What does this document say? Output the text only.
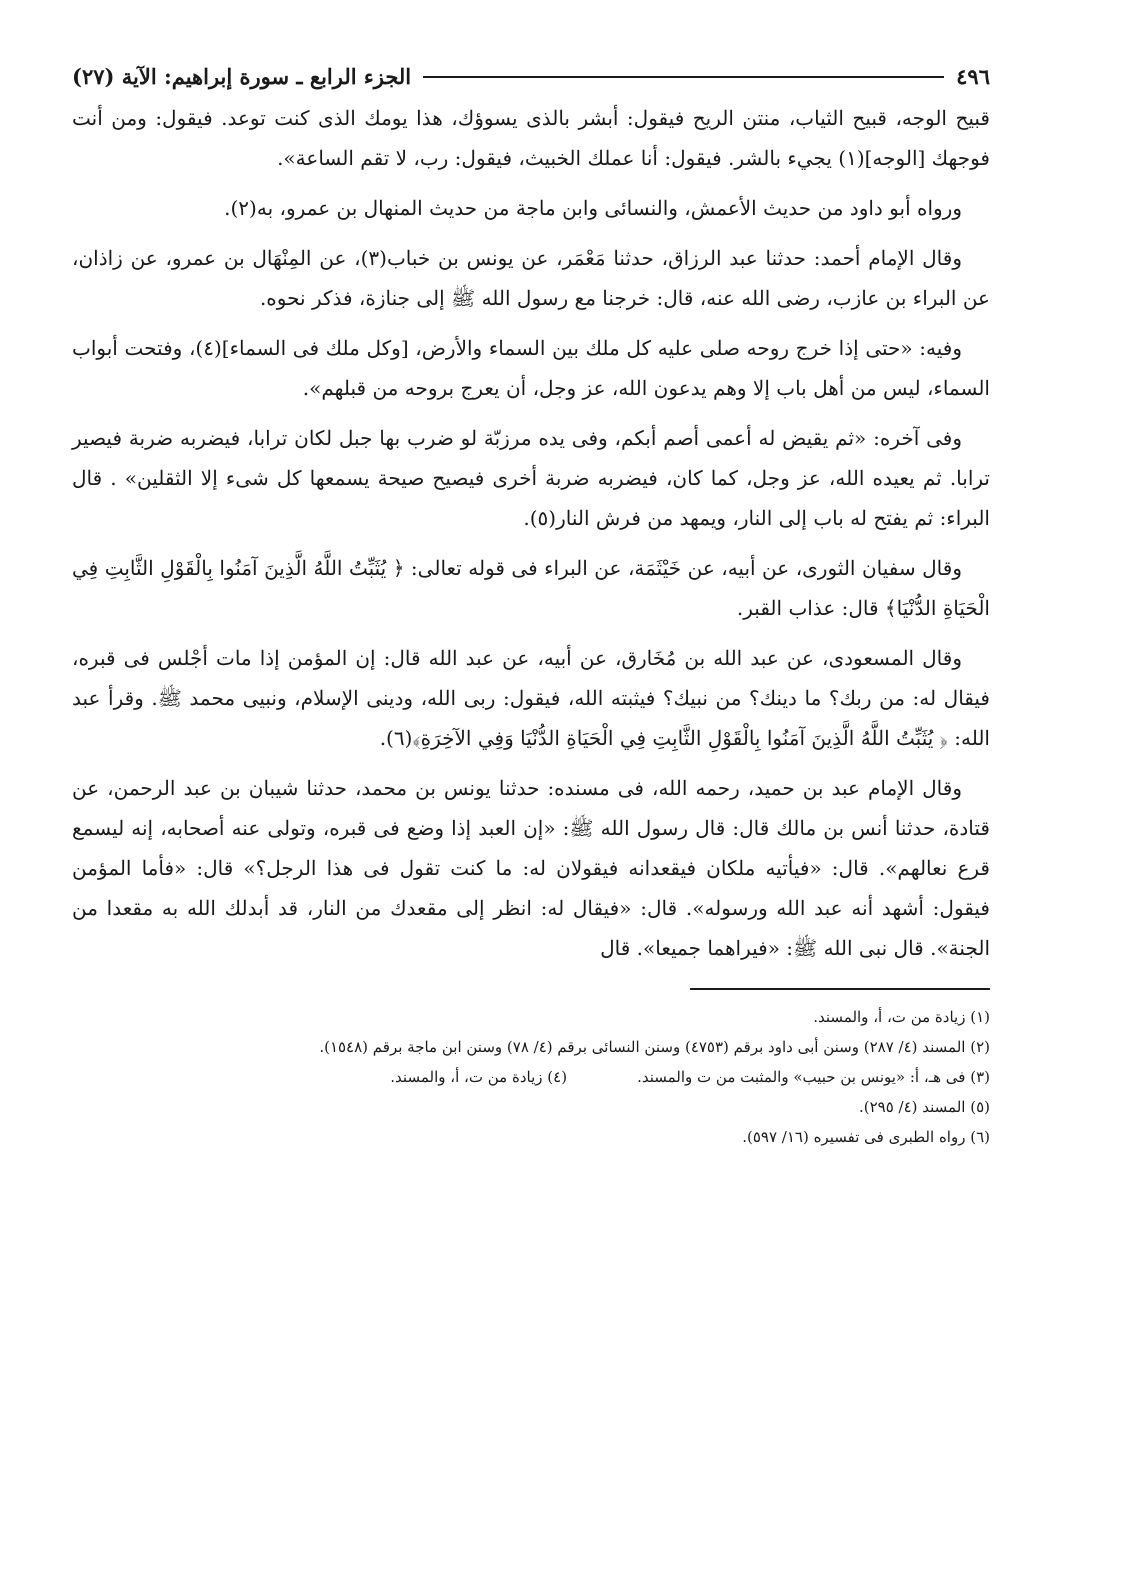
٤٩٦
الجزء الرابع ـ سورة إبراهيم: الآية (٢٧)

قبيح الوجه، قبيح الثياب، منتن الريح فيقول: أبشر بالذى يسوؤك، هذا يومك الذى كنت توعد. فيقول: ومن أنت فوجهك [الوجه](١) يجيء بالشر. فيقول: أنا عملك الخبيث، فيقول: رب، لا تقم الساعة».

ورواه أبو داود من حديث الأعمش، والنسائى وابن ماجة من حديث المنهال بن عمرو، به(٢).

وقال الإمام أحمد: حدثنا عبد الرزاق، حدثنا مَعْمَر، عن يونس بن خباب(٣)، عن المِنْهَال بن عمرو، عن زاذان، عن البراء بن عازب، رضى الله عنه، قال: خرجنا مع رسول الله ﷺ إلى جنازة، فذكر نحوه.

وفيه: «حتى إذا خرج روحه صلى عليه كل ملك بين السماء والأرض، [وكل ملك فى السماء](٤)، وفتحت أبواب السماء، ليس من أهل باب إلا وهم يدعون الله، عز وجل، أن يعرج بروحه من قبلهم».

وفى آخره: «ثم يقيض له أعمى أصم أبكم، وفى يده مرزبّة لو ضرب بها جبل لكان ترابا، فيضربه ضربة فيصير ترابا. ثم يعيده الله، عز وجل، كما كان، فيضربه ضربة أخرى فيصيح صيحة يسمعها كل شىء إلا الثقلين» . قال البراء: ثم يفتح له باب إلى النار، ويمهد من فرش النار(٥).

وقال سفيان الثورى، عن أبيه، عن خَيْثَمَة، عن البراء فى قوله تعالى: ﴿ يُثَبِّتُ اللَّهُ الَّذِينَ آمَنُوا بِالْقَوْلِ الثَّابِتِ فِي الْحَيَاةِ الدُّنْيَا﴾ قال: عذاب القبر.

وقال المسعودى، عن عبد الله بن مُخَارق، عن أبيه، عن عبد الله قال: إن المؤمن إذا مات أجْلس فى قبره، فيقال له: من ربك؟ ما دينك؟ من نبيك؟ فيثبته الله، فيقول: ربى الله، ودينى الإسلام، ونبيى محمد ﷺ. وقرأ عبد الله: ﴿ يُثَبِّتُ اللَّهُ الَّذِينَ آمَنُوا بِالْقَوْلِ الثَّابِتِ فِي الْحَيَاةِ الدُّنْيَا وَفِي الآخِرَةِ﴾(٦).

وقال الإمام عبد بن حميد، رحمه الله، فى مسنده: حدثنا يونس بن محمد، حدثنا شيبان بن عبد الرحمن، عن قتادة، حدثنا أنس بن مالك قال: قال رسول الله ﷺ: «إن العبد إذا وضع فى قبره، وتولى عنه أصحابه، إنه ليسمع قرع نعالهم». قال: «فيأتيه ملكان فيقعدانه فيقولان له: ما كنت تقول فى هذا الرجل؟» قال: «فأما المؤمن فيقول: أشهد أنه عبد الله ورسوله». قال: «فيقال له: انظر إلى مقعدك من النار، قد أبدلك الله به مقعدا من الجنة». قال نبى الله ﷺ: «فيراهما جميعا». قال

(١) زيادة من ت، أ، والمسند.

(٢) المسند (٤/ ٢٨٧) وسنن أبى داود برقم (٤٧٥٣) وسنن النسائى برقم (٤/ ٧٨) وسنن ابن ماجة برقم (١٥٤٨).

(٣) فى هـ، أ: «يونس بن حبيب» والمثبت من ت والمسند.
(٤) زيادة من ت، أ، والمسند.

(٥) المسند (٤/ ٢٩٥).

(٦) رواه الطبرى فى تفسيره (١٦/ ٥٩٧).
